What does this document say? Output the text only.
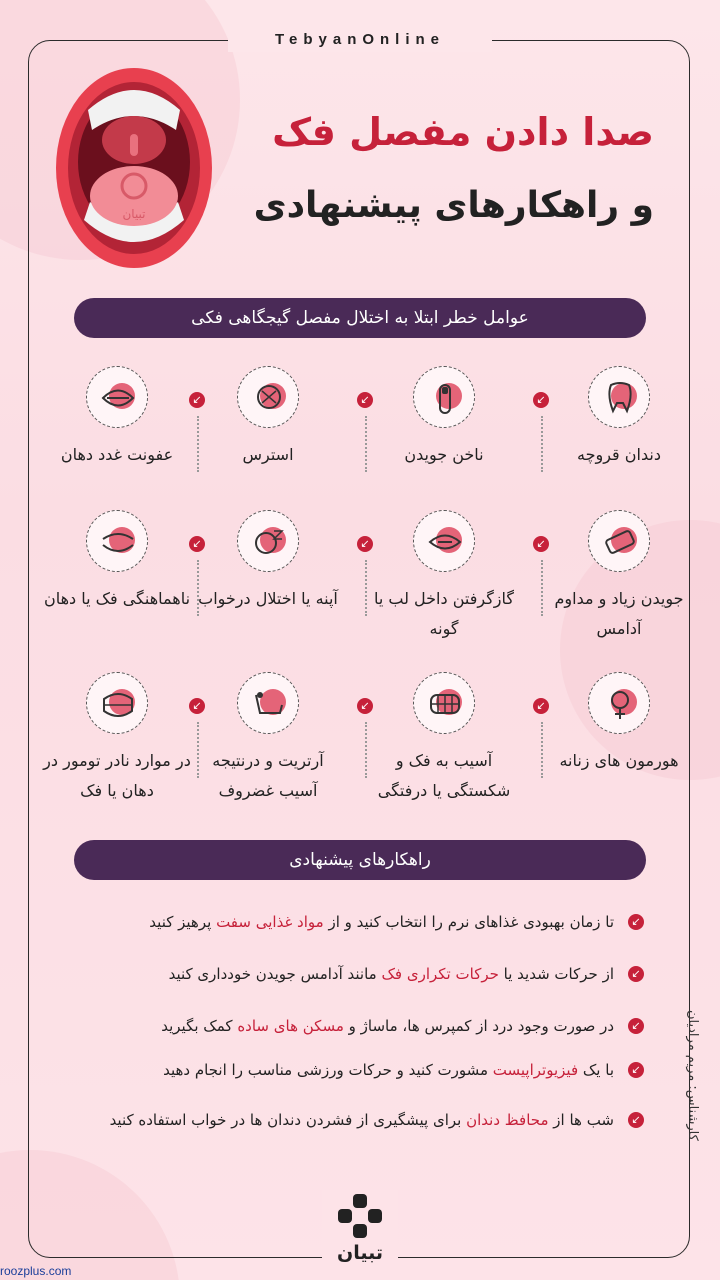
TebyanOnline
تبیان
صدا دادن مفصل فک
و راهکارهای پیشنهادی
عوامل خطر ابتلا به اختلال مفصل گیجگاهی فکی
دندان قروچه
ناخن جویدن
استرس
عفونت غدد دهان
جویدن زیاد و مداوم آدامس
گازگرفتن داخل لب یا گونه
آپنه یا اختلال درخواب
ناهماهنگی فک یا دهان
هورمون های زنانه
آسیب به فک و شکستگی یا درفتگی
آرتریت و درنتیجه آسیب غضروف
در موارد نادر تومور در دهان یا فک
↙
↙
↙
↙
↙
↙
↙
↙
↙
راهکارهای پیشنهادی
↙
تا زمان بهبودی غذاهای نرم را انتخاب کنید و از مواد غذایی سفت پرهیز کنید
↙
از حرکات شدید یا حرکات تکراری فک مانند آدامس جویدن خودداری کنید
↙
در صورت وجود درد از کمپرس ها، ماساژ و مسکن های ساده کمک بگیرید
↙
با یک فیزیوتراپیست مشورت کنید و حرکات ورزشی مناسب را انجام دهید
↙
شب ها از محافظ دندان برای پیشگیری از فشردن دندان ها در خواب استفاده کنید	کارشناس: مریم مرادیان
تبیان
roozplus.com
